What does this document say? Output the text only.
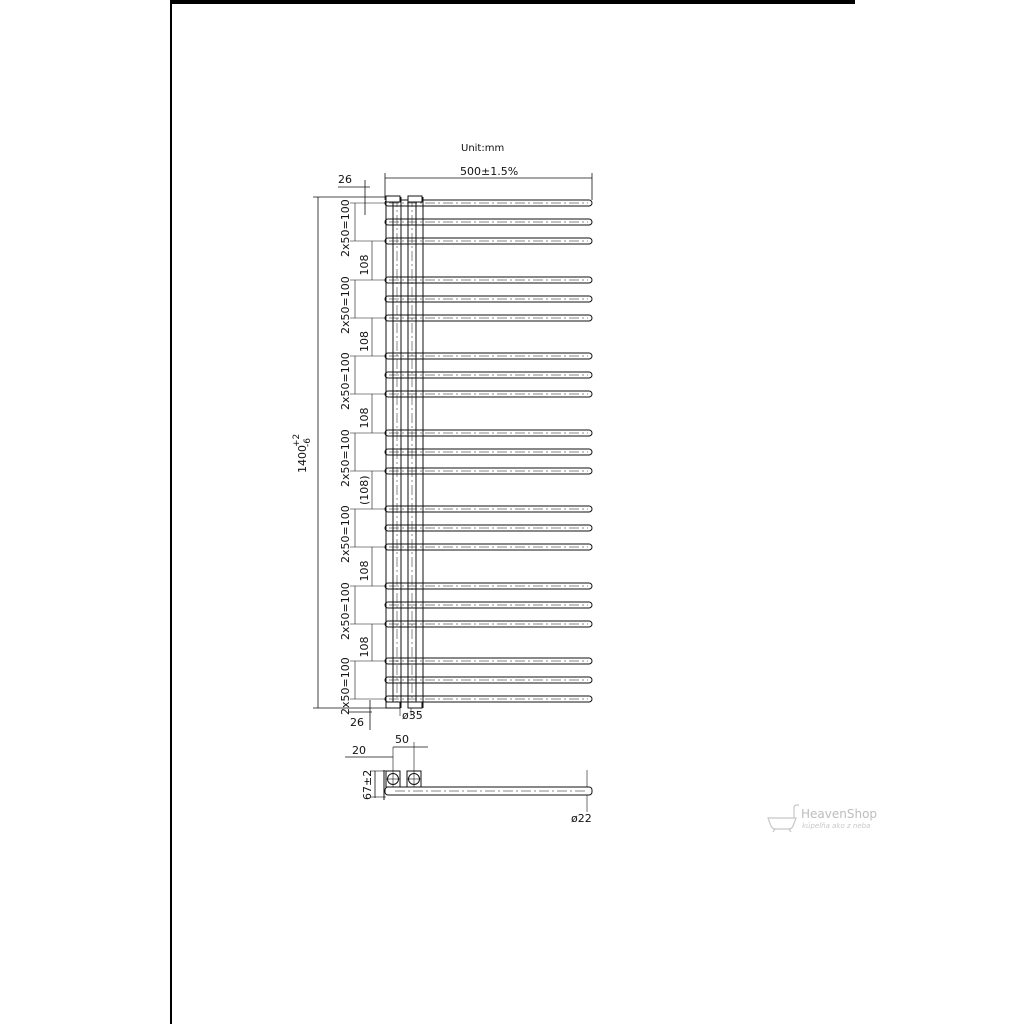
Unit:mm
500±1.5%
26
26
ø35
1400
+2 -6
2x50=100
2x50=100
2x50=100
2x50=100
2x50=100
2x50=100
2x50=100
108
108
108
(108)
108
108
20
50
67±2
ø22	HeavenShop
kúpeľňa ako z neba
